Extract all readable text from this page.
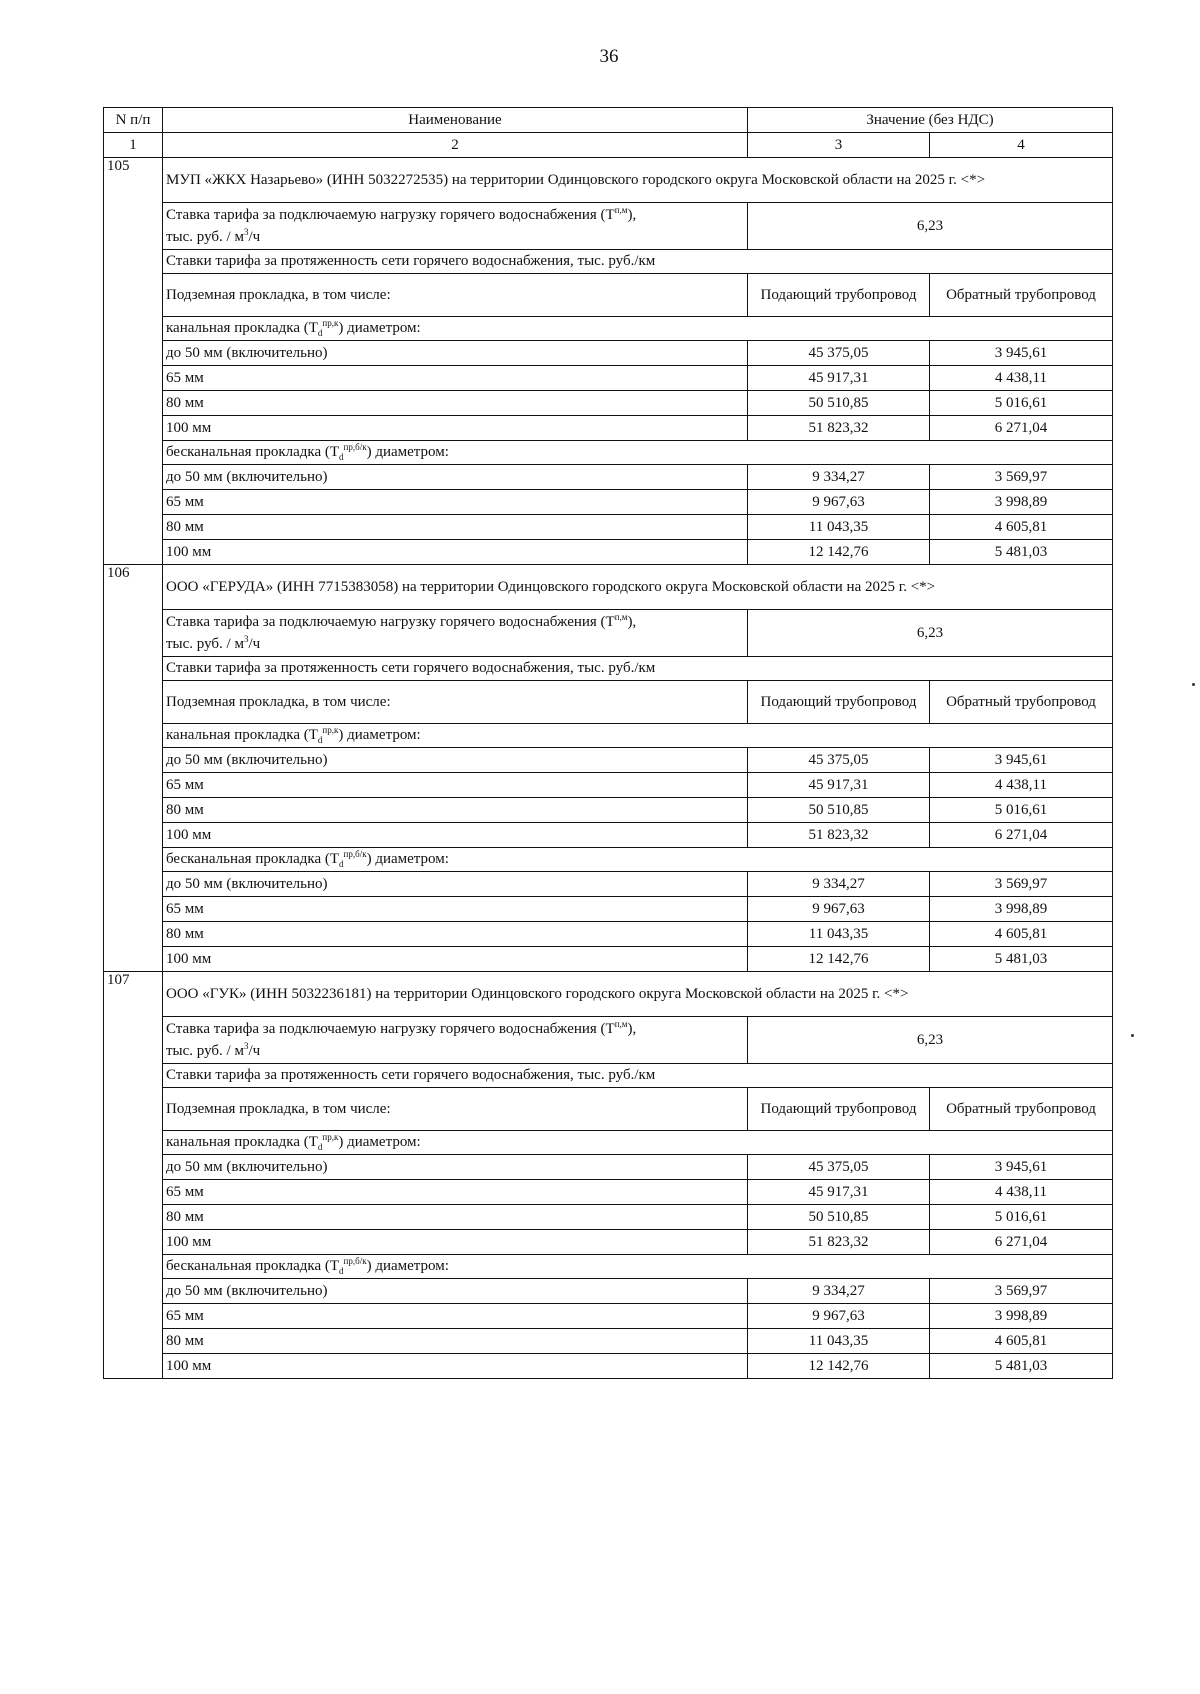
36
N п/п	Наименование	Значение (без НДС)	
1	2	3	4
105	МУП «ЖКХ Назарьево» (ИНН 5032272535) на территории Одинцовского городского округа Московской области на 2025 г. <*>		
	Ставка тарифа за подключаемую нагрузку горячего водоснабжения $(Т^{п,м})$,
тыс. руб. / $м^3/ч$	6,23	
	Ставки тарифа за протяженность сети горячего водоснабжения, тыс. руб./км		
	Подземная прокладка, в том числе:	Подающий трубопровод	Обратный трубопровод
	канальная прокладка $(Т_d^{пр,к})$ диаметром:		
	до 50 мм (включительно)	45 375,05	3 945,61
	65 мм	45 917,31	4 438,11
	80 мм	50 510,85	5 016,61
	100 мм	51 823,32	6 271,04
	бесканальная прокладка $(Т_d^{пр,б/к})$ диаметром:		
	до 50 мм (включительно)	9 334,27	3 569,97
	65 мм	9 967,63	3 998,89
	80 мм	11 043,35	4 605,81
	100 мм	12 142,76	5 481,03
106	ООО «ГЕРУДА» (ИНН 7715383058) на территории Одинцовского городского округа Московской области на 2025 г. <*>		
	Ставка тарифа за подключаемую нагрузку горячего водоснабжения $(Т^{п,м})$,
тыс. руб. / $м^3/ч$	6,23	
	Ставки тарифа за протяженность сети горячего водоснабжения, тыс. руб./км		
	Подземная прокладка, в том числе:	Подающий трубопровод	Обратный трубопровод
	канальная прокладка $(Т_d^{пр,к})$ диаметром:		
	до 50 мм (включительно)	45 375,05	3 945,61
	65 мм	45 917,31	4 438,11
	80 мм	50 510,85	5 016,61
	100 мм	51 823,32	6 271,04
	бесканальная прокладка $(Т_d^{пр,б/к})$ диаметром:		
	до 50 мм (включительно)	9 334,27	3 569,97
	65 мм	9 967,63	3 998,89
	80 мм	11 043,35	4 605,81
	100 мм	12 142,76	5 481,03
107	ООО «ГУК» (ИНН 5032236181) на территории Одинцовского городского округа Московской области на 2025 г. <*>		
	Ставка тарифа за подключаемую нагрузку горячего водоснабжения $(Т^{п,м})$,
тыс. руб. / $м^3/ч$	6,23	
	Ставки тарифа за протяженность сети горячего водоснабжения, тыс. руб./км		
	Подземная прокладка, в том числе:	Подающий трубопровод	Обратный трубопровод
	канальная прокладка $(Т_d^{пр,к})$ диаметром:		
	до 50 мм (включительно)	45 375,05	3 945,61
	65 мм	45 917,31	4 438,11
	80 мм	50 510,85	5 016,61
	100 мм	51 823,32	6 271,04
	бесканальная прокладка $(Т_d^{пр,б/к})$ диаметром:		
	до 50 мм (включительно)	9 334,27	3 569,97
	65 мм	9 967,63	3 998,89
	80 мм	11 043,35	4 605,81
	100 мм	12 142,76	5 481,03
